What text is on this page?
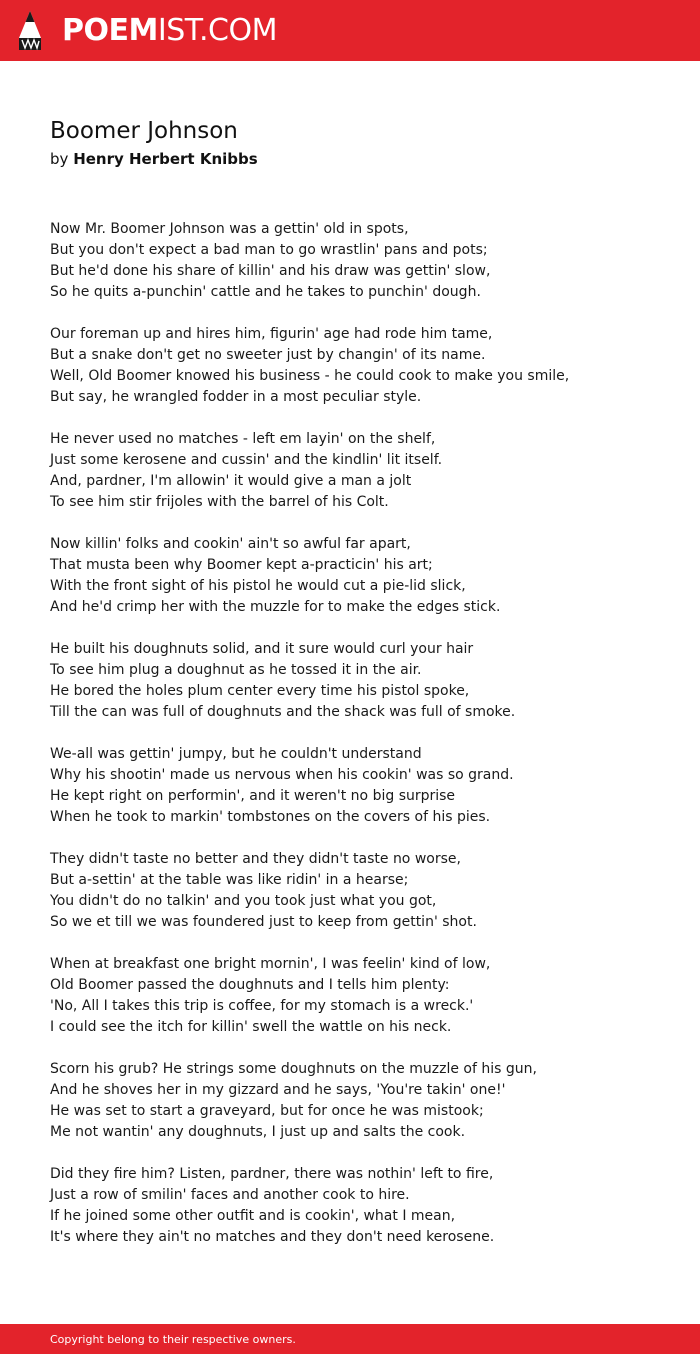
POEMIST.COM
Boomer Johnson
by Henry Herbert Knibbs
Now Mr. Boomer Johnson was a gettin' old in spots,
But you don't expect a bad man to go wrastlin' pans and pots;
But he'd done his share of killin' and his draw was gettin' slow,
So he quits a-punchin' cattle and he takes to punchin' dough.
Our foreman up and hires him, figurin' age had rode him tame,
But a snake don't get no sweeter just by changin' of its name.
Well, Old Boomer knowed his business - he could cook to make you smile,
But say, he wrangled fodder in a most peculiar style.
He never used no matches - left em layin' on the shelf,
Just some kerosene and cussin' and the kindlin' lit itself.
And, pardner, I'm allowin' it would give a man a jolt
To see him stir frijoles with the barrel of his Colt.
Now killin' folks and cookin' ain't so awful far apart,
That musta been why Boomer kept a-practicin' his art;
With the front sight of his pistol he would cut a pie-lid slick,
And he'd crimp her with the muzzle for to make the edges stick.
He built his doughnuts solid, and it sure would curl your hair
To see him plug a doughnut as he tossed it in the air.
He bored the holes plum center every time his pistol spoke,
Till the can was full of doughnuts and the shack was full of smoke.
We-all was gettin' jumpy, but he couldn't understand
Why his shootin' made us nervous when his cookin' was so grand.
He kept right on performin', and it weren't no big surprise
When he took to markin' tombstones on the covers of his pies.
They didn't taste no better and they didn't taste no worse,
But a-settin' at the table was like ridin' in a hearse;
You didn't do no talkin' and you took just what you got,
So we et till we was foundered just to keep from gettin' shot.
When at breakfast one bright mornin', I was feelin' kind of low,
Old Boomer passed the doughnuts and I tells him plenty:
'No, All I takes this trip is coffee, for my stomach is a wreck.'
I could see the itch for killin' swell the wattle on his neck.
Scorn his grub? He strings some doughnuts on the muzzle of his gun,
And he shoves her in my gizzard and he says, 'You're takin' one!'
He was set to start a graveyard, but for once he was mistook;
Me not wantin' any doughnuts, I just up and salts the cook.
Did they fire him? Listen, pardner, there was nothin' left to fire,
Just a row of smilin' faces and another cook to hire.
If he joined some other outfit and is cookin', what I mean,
It's where they ain't no matches and they don't need kerosene.
Copyright belong to their respective owners.
